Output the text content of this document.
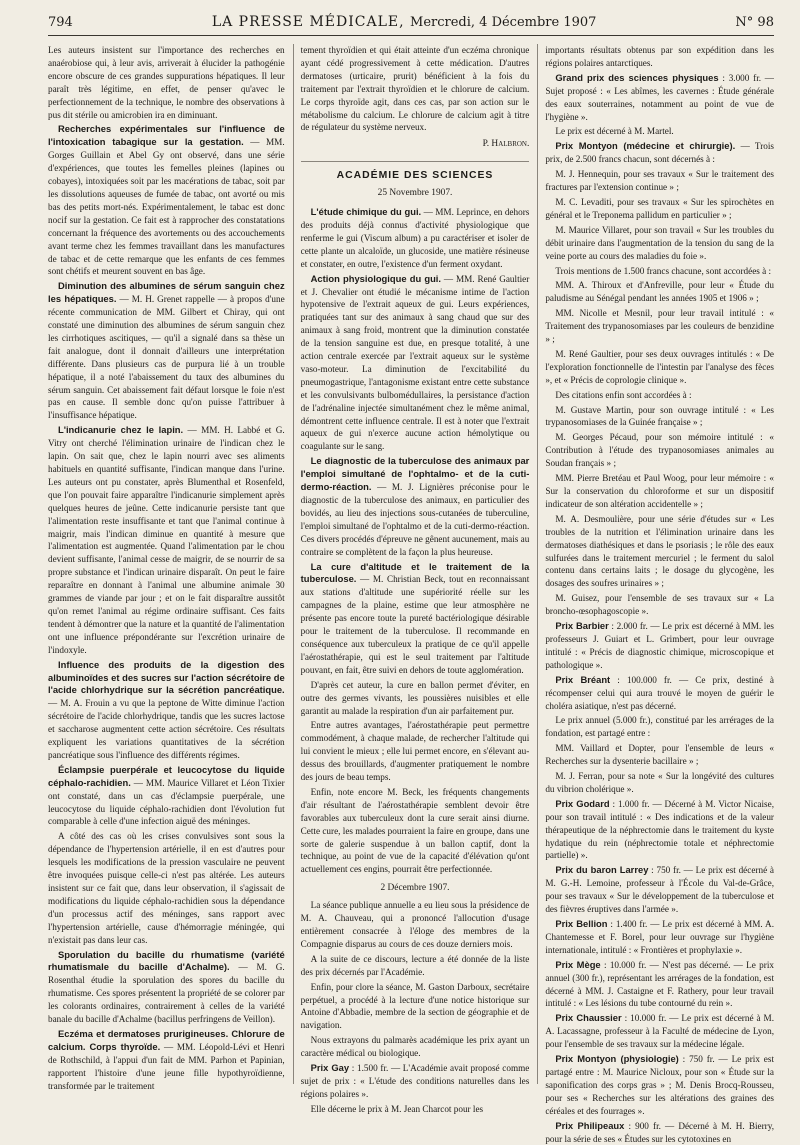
794	LA PRESSE MÉDICALE, Mercredi, 4 Décembre 1907	N° 98

Les auteurs insistent sur l'importance des recherches en anaérobiose qui, à leur avis, arriverait à élucider la pathogénie encore obscure de ces grandes suppurations hépatiques. Il leur paraît très légitime, en effet, de penser qu'avec le perfectionnement de la technique, le nombre des observations à pus dit stérile ou amicrobien ira en diminuant.

Recherches expérimentales sur l'influence de l'intoxication tabagique sur la gestation. — MM. Gorges Guillain et Abel Gy ont observé, dans une série d'expériences, que toutes les femelles pleines (lapines ou cobayes), intoxiquées soit par les macérations de tabac, soit par les dissolutions aqueuses de fumée de tabac, ont avorté ou mis bas des petits mort-nés. Expérimentalement, le tabac est donc nocif sur la gestation. Ce fait est à rapprocher des constatations concernant la fréquence des avortements ou des accouchements avant terme chez les femmes travaillant dans les manufactures de tabac et de cette remarque que les enfants de ces femmes sont chétifs et meurent souvent en bas âge.

Diminution des albumines de sérum sanguin chez les hépatiques. — M. H. Grenet rappelle — à propos d'une récente communication de MM. Gilbert et Chiray, qui ont constaté une diminution des albumines de sérum sanguin chez les cirrhotiques ascitiques, — qu'il a signalé dans sa thèse un fait analogue, dont il donnait d'ailleurs une interprétation différente. Dans plusieurs cas de purpura lié à un trouble hépatique, il a noté l'abaissement du taux des albumines du sérum sanguin. Cet abaissement fait défaut lorsque le foie n'est pas en cause. Il semble donc qu'on puisse l'attribuer à l'insuffisance hépatique.

L'indicanurie chez le lapin. — MM. H. Labbé et G. Vitry ont cherché l'élimination urinaire de l'indican chez le lapin. On sait que, chez le lapin nourri avec ses aliments habituels en quantité suffisante, l'indican manque dans l'urine. Les auteurs ont pu constater, après Blumenthal et Rosenfeld, que l'on pouvait faire apparaître l'indicanurie simplement après quelques heures de jeûne. Cette indicanurie persiste tant que l'alimentation reste insuffisante et tant que l'animal continue à maigrir, mais l'indican diminue en quantité à mesure que l'alimentation est augmentée. Quand l'alimentation par le chou devient suffisante, l'animal cesse de maigrir, de se nourrir de sa propre substance et l'indican urinaire disparaît. On peut le faire reparaître en donnant à l'animal une albumine animale 30 grammes de viande par jour ; et on le fait disparaître aussitôt qu'on remet l'animal au régime ordinaire suffisant. Ces faits tendent à démontrer que la nature et la quantité de l'alimentation ont une influence prépondérante sur l'excrétion urinaire de l'indoxyle.

Influence des produits de la digestion des albuminoïdes et des sucres sur l'action sécrétoire de l'acide chlorhydrique sur la sécrétion pancréatique. — M. A. Frouin a vu que la peptone de Witte diminue l'action sécrétoire de l'acide chlorhydrique, tandis que les sucres lactose et saccharose augmentent cette action sécrétoire. Ces résultats expliquent les variations quantitatives de la sécrétion pancréatique sous l'influence des différents régimes.

Éclampsie puerpérale et leucocytose du liquide céphalo-rachidien. — MM. Maurice Villaret et Léon Tixier ont constaté, dans un cas d'éclampsie puerpérale, une leucocytose du liquide céphalo-rachidien dont l'évolution fut comparable à celle d'une infection aiguë des méninges.

A côté des cas où les crises convulsives sont sous la dépendance de l'hypertension artérielle, il en est d'autres pour lesquels les modifications de la pression vasculaire ne peuvent être invoquées puisque celle-ci n'est pas altérée. Les auteurs insistent sur ce fait que, dans leur observation, il s'agissait de modifications du liquide céphalo-rachidien sous la dépendance d'un processus actif des méninges, sans rapport avec l'hypertension artérielle, cause d'hémorragie méningée, qui n'existait pas dans leur cas.

Sporulation du bacille du rhumatisme (variété rhumatismale du bacille d'Achalme). — M. G. Rosenthal étudie la sporulation des spores du bacille du rhumatisme. Ces spores présentent la propriété de se colorer par les colorants ordinaires, contrairement à celles de la variété banale du bacille d'Achalme (bacillus perfringens de Veillon).

Eczéma et dermatoses prurigineuses. Chlorure de calcium. Corps thyroïde. — MM. Léopold-Lévi et Henri de Rothschild, à l'appui d'un fait de MM. Parhon et Papinian, rapportent l'histoire d'une jeune fille hypothyroïdienne, transformée par le traitement

tement thyroïdien et qui était atteinte d'un eczéma chronique ayant cédé progressivement à cette médication. D'autres dermatoses (urticaire, prurit) bénéficient à la fois du traitement par l'extrait thyroïdien et le chlorure de calcium. Le corps thyroïde agit, dans ces cas, par son action sur le métabolisme du calcium. Le chlorure de calcium agit à titre de régulateur du système nerveux.

P. Halbron.
ACADÉMIE DES SCIENCES
25 Novembre 1907.

L'étude chimique du gui. — MM. Leprince, en dehors des produits déjà connus d'activité physiologique que renferme le gui (Viscum album) a pu caractériser et isoler de cette plante un alcaloïde, un glucoside, une matière résineuse et constater, en outre, l'existence d'un ferment oxydant.

Action physiologique du gui. — MM. René Gaultier et J. Chevalier ont étudié le mécanisme intime de l'action hypotensive de l'extrait aqueux de gui. Leurs expériences, pratiquées tant sur des animaux à sang chaud que sur des animaux à sang froid, montrent que la diminution constatée de la tension sanguine est due, en presque totalité, à une action centrale exercée par l'extrait aqueux sur le système vaso-moteur. La diminution de l'excitabilité du pneumogastrique, l'antagonisme existant entre cette substance et les convulsivants bulbomédullaires, la persistance d'action de l'adrénaline injectée simultanément chez le même animal, démontrent cette influence centrale. Il est à noter que l'extrait aqueux de gui n'exerce aucune action hémolytique ou coagulante sur le sang.

Le diagnostic de la tuberculose des animaux par l'emploi simultané de l'ophtalmo- et de la cuti-dermo-réaction. — M. J. Lignières préconise pour le diagnostic de la tuberculose des animaux, en particulier des bovidés, au lieu des injections sous-cutanées de tuberculine, l'emploi simultané de l'ophtalmo et de la cuti-dermo-réaction. Ces divers procédés d'épreuve ne gênent aucunement, mais au contraire se complètent de la façon la plus heureuse.

La cure d'altitude et le traitement de la tuberculose. — M. Christian Beck, tout en reconnaissant aux stations d'altitude une supériorité réelle sur les campagnes de la plaine, estime que leur atmosphère ne présente pas encore toute la pureté bactériologique désirable pour le traitement de la tuberculose. Il recommande en conséquence aux tuberculeux la pratique de ce qu'il appelle l'aérostathérapie, qui est le seul traitement par l'altitude pouvant, en fait, être suivi en dehors de toute agglomération.

D'après cet auteur, la cure en ballon permet d'éviter, en outre des germes vivants, les poussières nuisibles et elle garantit au malade la respiration d'un air parfaitement pur.

Entre autres avantages, l'aérostathérapie peut permettre commodément, à chaque malade, de rechercher l'altitude qui lui convient le mieux ; elle lui permet encore, en s'élevant au-dessus des brouillards, d'augmenter pratiquement le nombre des jours de beau temps.

Enfin, note encore M. Beck, les fréquents changements d'air résultant de l'aérostathérapie semblent devoir être favorables aux tuberculeux dont la cure serait ainsi diurne. Cette cure, les malades pourraient la faire en groupe, dans une sorte de galerie suspendue à un ballon captif, dont la technique, au point de vue de la capacité d'élévation qu'ont actuellement ces engins, pourrait être perfectionnée.

2 Décembre 1907.

La séance publique annuelle a eu lieu sous la présidence de M. A. Chauveau, qui a prononcé l'allocution d'usage entièrement consacrée à l'éloge des membres de la Compagnie disparus au cours de ces douze derniers mois.

A la suite de ce discours, lecture a été donnée de la liste des prix décernés par l'Académie.

Enfin, pour clore la séance, M. Gaston Darboux, secrétaire perpétuel, a procédé à la lecture d'une notice historique sur Antoine d'Abbadie, membre de la section de géographie et de navigation.

Nous extrayons du palmarès académique les prix ayant un caractère médical ou biologique.

Prix Gay : 1.500 fr. — L'Académie avait proposé comme sujet de prix : « L'étude des conditions naturelles dans les régions polaires ».

Elle décerne le prix à M. Jean Charcot pour les

importants résultats obtenus par son expédition dans les régions polaires antarctiques.

Grand prix des sciences physiques : 3.000 fr. — Sujet proposé : « Les abîmes, les cavernes : Étude générale des eaux souterraines, notamment au point de vue de l'hygiène ».

Le prix est décerné à M. Martel.

Prix Montyon (médecine et chirurgie). — Trois prix, de 2.500 francs chacun, sont décernés à :

M. J. Hennequin, pour ses travaux « Sur le traitement des fractures par l'extension continue » ;

M. C. Levaditi, pour ses travaux « Sur les spirochètes en général et le Treponema pallidum en particulier » ;

M. Maurice Villaret, pour son travail « Sur les troubles du débit urinaire dans l'augmentation de la tension du sang de la veine porte au cours des maladies du foie ».

Trois mentions de 1.500 francs chacune, sont accordées à :

MM. A. Thiroux et d'Anfreville, pour leur « Étude du paludisme au Sénégal pendant les années 1905 et 1906 » ;

MM. Nicolle et Mesnil, pour leur travail intitulé : « Traitement des trypanosomiases par les couleurs de benzidine » ;

M. René Gaultier, pour ses deux ouvrages intitulés : « De l'exploration fonctionnelle de l'intestin par l'analyse des fèces », et « Précis de coprologie clinique ».

Des citations enfin sont accordées à :

M. Gustave Martin, pour son ouvrage intitulé : « Les trypanosomiases de la Guinée française » ;

M. Georges Pécaud, pour son mémoire intitulé : « Contribution à l'étude des trypanosomiases animales au Soudan français » ;

MM. Pierre Bretéau et Paul Woog, pour leur mémoire : « Sur la conservation du chloroforme et sur un dispositif indicateur de son altération accidentelle » ;

M. A. Desmoulière, pour une série d'études sur « Les troubles de la nutrition et l'élimination urinaire dans les dermatoses diathésiques et dans le psoriasis ; le rôle des eaux sulfurées dans le traitement mercuriel ; le ferment du salol contenu dans certains laits ; le dosage du glycogène, les dosages des soufres urinaires » ;

M. Guisez, pour l'ensemble de ses travaux sur « La broncho-œsophagoscopie ».

Prix Barbier : 2.000 fr. — Le prix est décerné à MM. les professeurs J. Guiart et L. Grimbert, pour leur ouvrage intitulé : « Précis de diagnostic chimique, microscopique et pathologique ».

Prix Bréant : 100.000 fr. — Ce prix, destiné à récompenser celui qui aura trouvé le moyen de guérir le choléra asiatique, n'est pas décerné.

Le prix annuel (5.000 fr.), constitué par les arrérages de la fondation, est partagé entre :

MM. Vaillard et Dopter, pour l'ensemble de leurs « Recherches sur la dysenterie bacillaire » ;

M. J. Ferran, pour sa note « Sur la longévité des cultures du vibrion cholérique ».

Prix Godard : 1.000 fr. — Décerné à M. Victor Nicaise, pour son travail intitulé : « Des indications et de la valeur thérapeutique de la néphrectomie dans le traitement du kyste hydatique du rein (néphrectomie totale et néphrectomie partielle) ».

Prix du baron Larrey : 750 fr. — Le prix est décerné à M. G.-H. Lemoine, professeur à l'École du Val-de-Grâce, pour ses travaux « Sur le développement de la tuberculose et des fièvres éruptives dans l'armée ».

Prix Bellion : 1.400 fr. — Le prix est décerné à MM. A. Chantemesse et F. Borel, pour leur ouvrage sur l'hygiène internationale, intitulé : « Frontières et prophylaxie ».

Prix Mège : 10.000 fr. — N'est pas décerné. — Le prix annuel (300 fr.), représentant les arrérages de la fondation, est décerné à MM. J. Castaigne et F. Rathery, pour leur travail intitulé : « Les lésions du tube contourné du rein ».

Prix Chaussier : 10.000 fr. — Le prix est décerné à M. A. Lacassagne, professeur à la Faculté de médecine de Lyon, pour l'ensemble de ses travaux sur la médecine légale.

Prix Montyon (physiologie) : 750 fr. — Le prix est partagé entre : M. Maurice Nicloux, pour son « Étude sur la saponification des corps gras » ; M. Denis Brocq-Rousseu, pour ses « Recherches sur les altérations des graines des céréales et des fourrages ».

Prix Philipeaux : 900 fr. — Décerné à M. H. Bierry, pour la série de ses « Études sur les cytotoxines en
